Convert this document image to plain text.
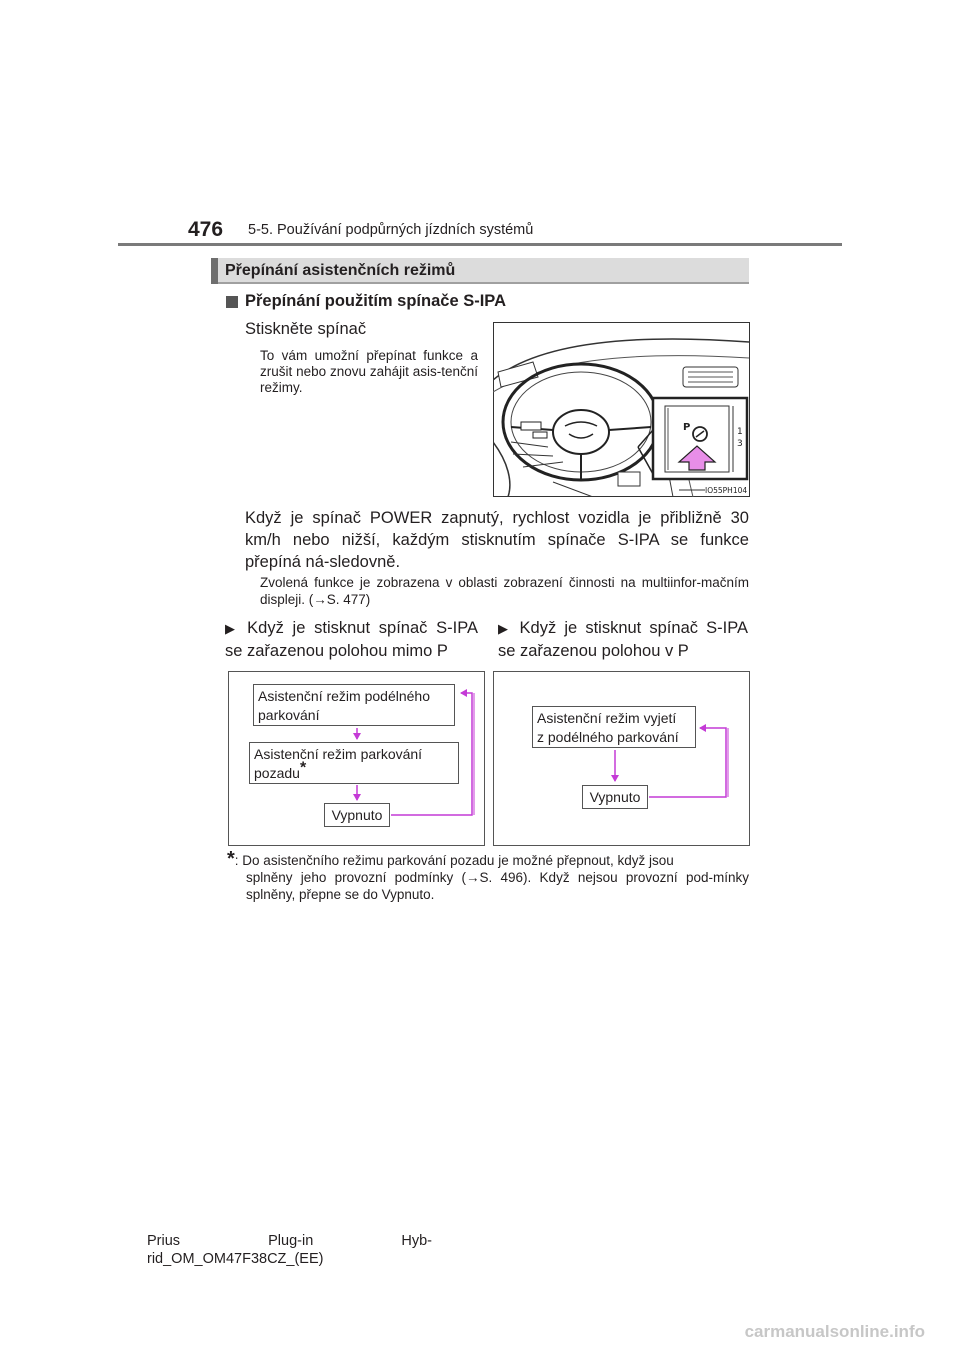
476 5-5. Používání podpůrných jízdních systémů
Přepínání asistenčních režimů
Přepínání použitím spínače S-IPA
Stiskněte spínač
To vám umožní přepínat funkce a zrušit nebo znovu zahájit asis-tenční režimy.
P	1
3
IO55PH104
Když je spínač POWER zapnutý, rychlost vozidla je přibližně 30 km/h nebo nižší, každým stisknutím spínače S-IPA se funkce přepíná ná-sledovně.
Zvolená funkce je zobrazena v oblasti zobrazení činnosti na multiinfor-mačním displeji. (→S. 477)
▶ Když je stisknut spínač S-IPA se zařazenou polohou mimo P
▶ Když je stisknut spínač S-IPA se zařazenou polohou v P
Asistenční režim podélného
parkování
Asistenční režim parkování
pozadu*
Vypnuto
Asistenční režim vyjetí
z podélného parkování
Vypnuto
*: Do asistenčního režimu parkování pozadu je možné přepnout, když jsou
splněny jeho provozní podmínky (→S. 496). Když nejsou provozní pod-mínky splněny, přepne se do Vypnuto.
Prius	Plug-in	Hyb-
rid_OM_OM47F38CZ_(EE)
carmanualsonline.info
